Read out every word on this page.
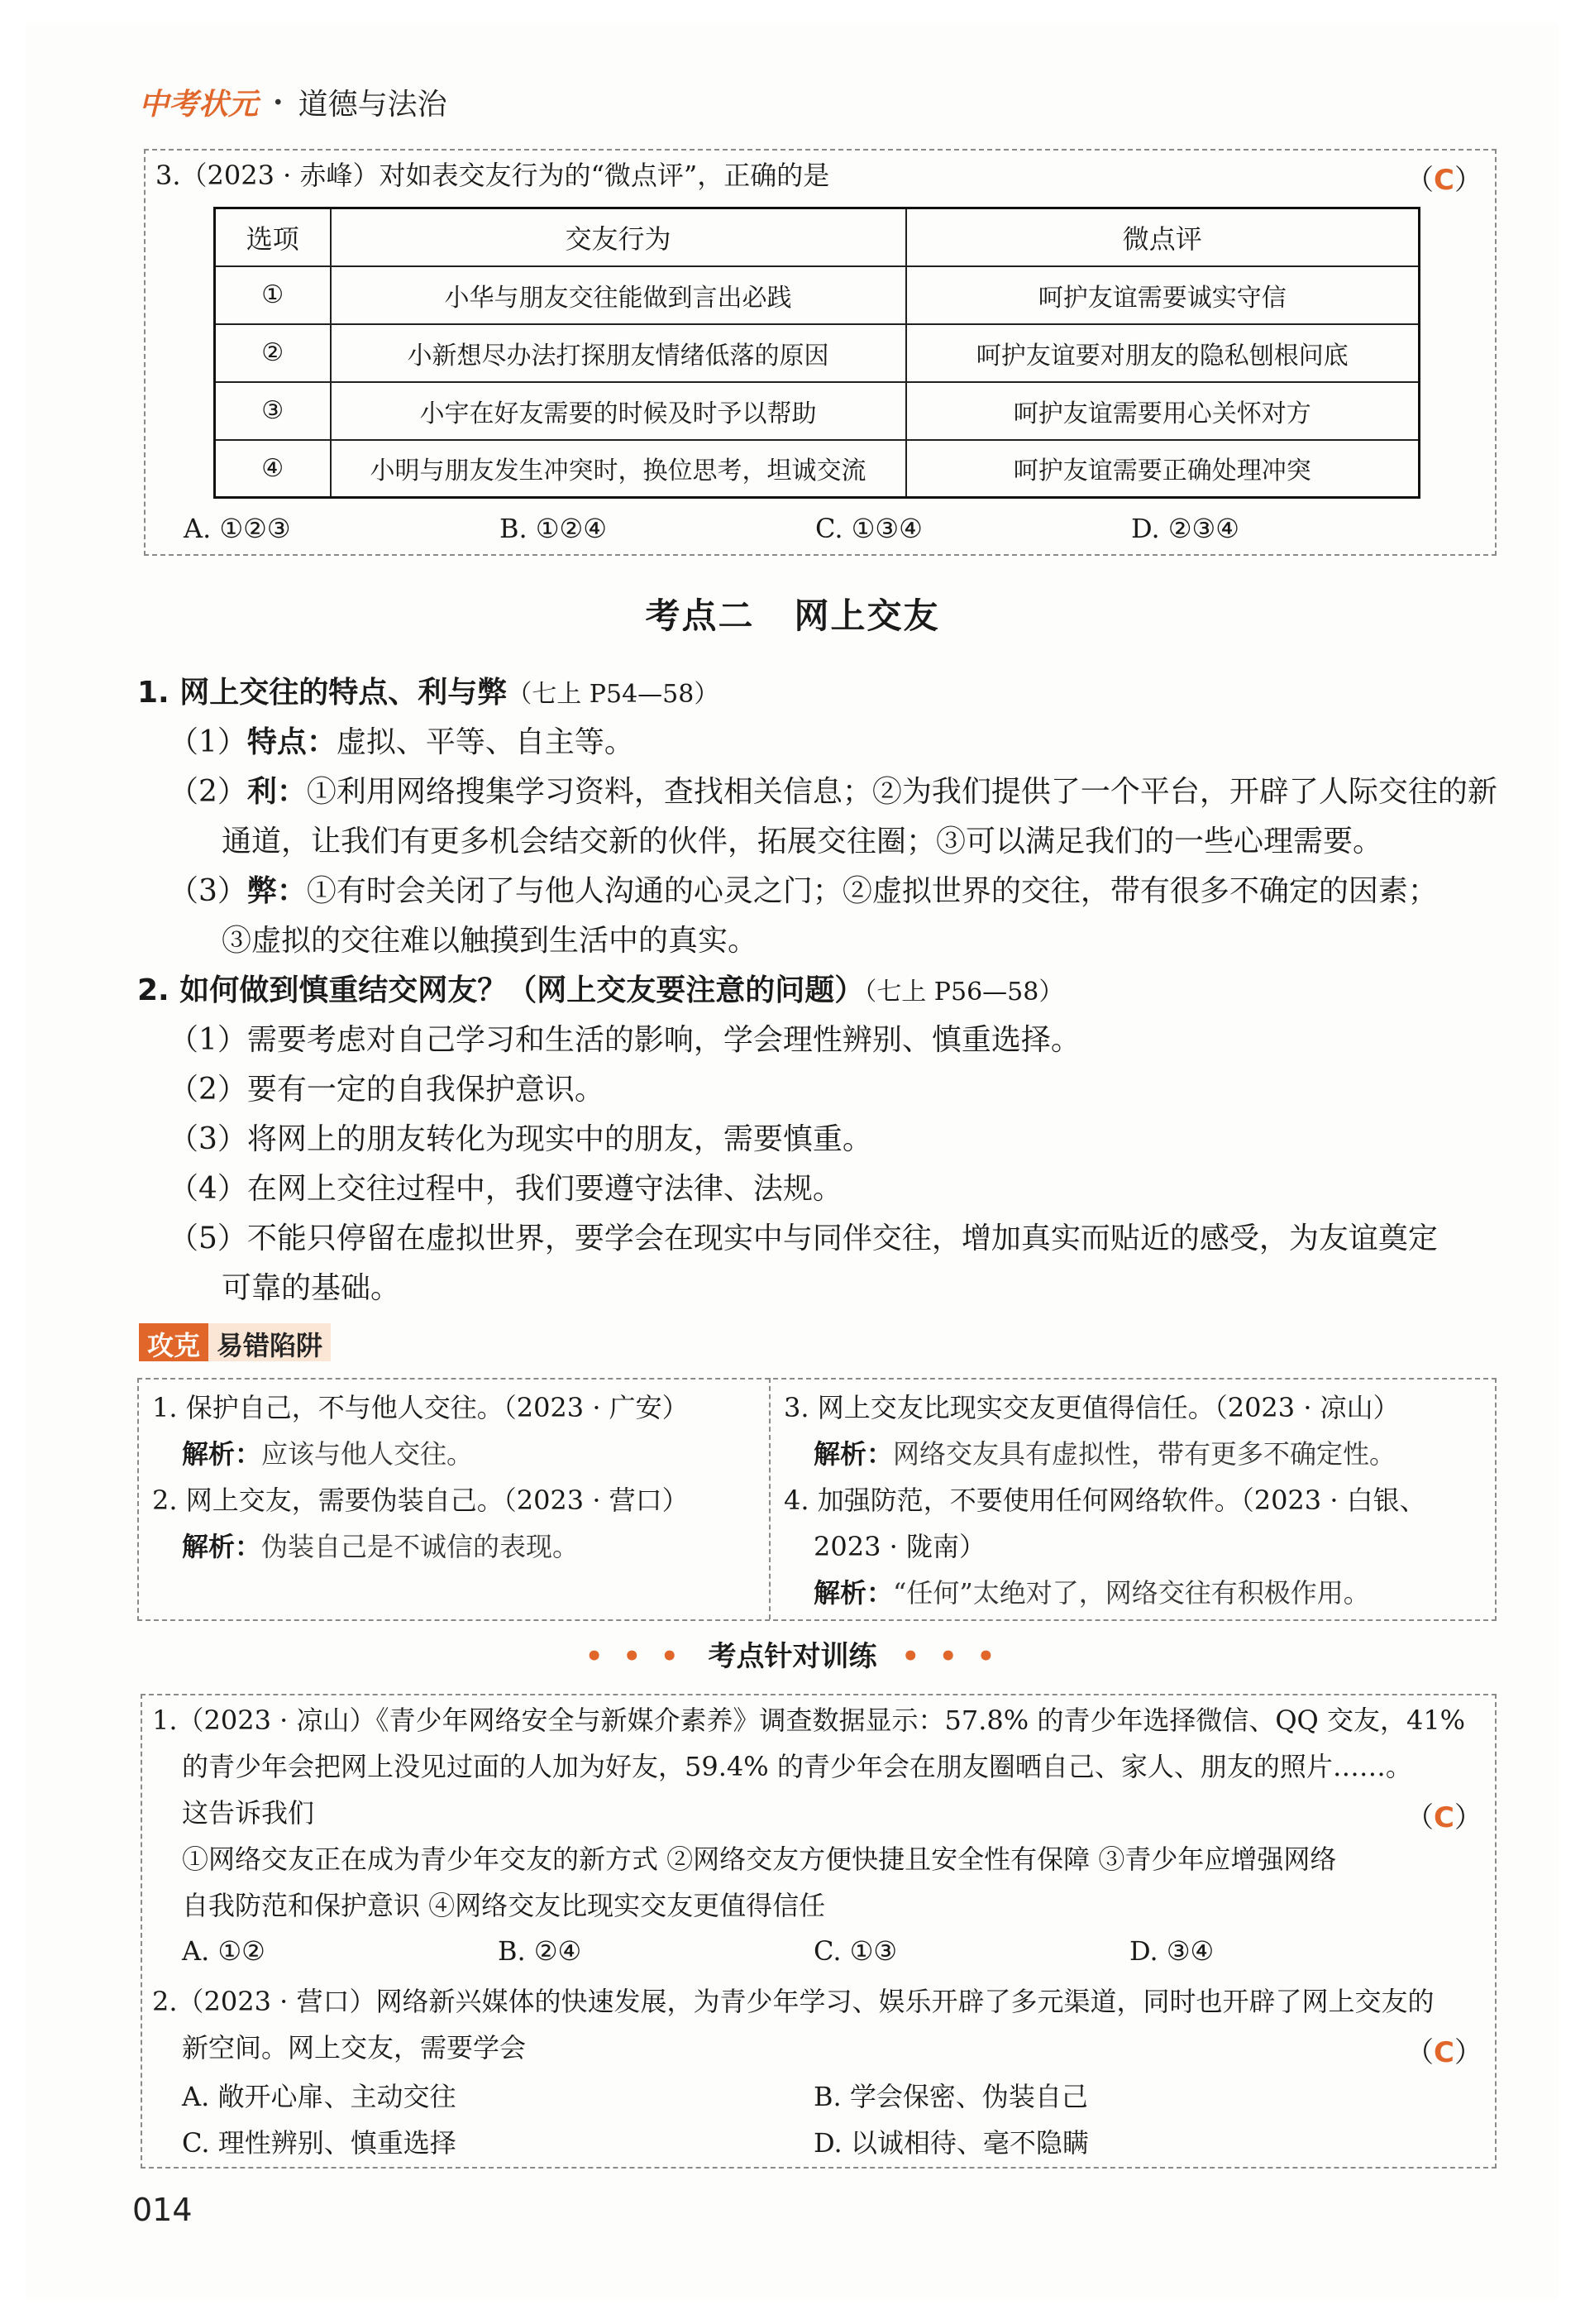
中考状元 · 道德与法治
3.（2023 · 赤峰）对如表交友行为的“微点评”，正确的是	（C）
选项	交友行为	微点评
①	小华与朋友交往能做到言出必践	呵护友谊需要诚实守信
②	小新想尽办法打探朋友情绪低落的原因	呵护友谊要对朋友的隐私刨根问底
③	小宇在好友需要的时候及时予以帮助	呵护友谊需要用心关怀对方
④	小明与朋友发生冲突时，换位思考，坦诚交流	呵护友谊需要正确处理冲突
A. ①②③	B. ①②④	C. ①③④	D. ②③④
考点二 网上交友
1. 网上交往的特点、利与弊（七上 P54—58）
（1）特点：虚拟、平等、自主等。
（2）利：①利用网络搜集学习资料，查找相关信息；②为我们提供了一个平台，开辟了人际交往的新
通道，让我们有更多机会结交新的伙伴，拓展交往圈；③可以满足我们的一些心理需要。
（3）弊：①有时会关闭了与他人沟通的心灵之门；②虚拟世界的交往，带有很多不确定的因素；
③虚拟的交往难以触摸到生活中的真实。
2. 如何做到慎重结交网友？（网上交友要注意的问题）（七上 P56—58）
（1）需要考虑对自己学习和生活的影响，学会理性辨别、慎重选择。
（2）要有一定的自我保护意识。
（3）将网上的朋友转化为现实中的朋友，需要慎重。
（4）在网上交往过程中，我们要遵守法律、法规。
（5）不能只停留在虚拟世界，要学会在现实中与同伴交往，增加真实而贴近的感受，为友谊奠定
可靠的基础。
攻克 易错陷阱
1. 保护自己，不与他人交往。（2023 · 广安）
解析：应该与他人交往。
2. 网上交友，需要伪装自己。（2023 · 营口）
解析：伪装自己是不诚信的表现。
3. 网上交友比现实交友更值得信任。（2023 · 凉山）
解析：网络交友具有虚拟性，带有更多不确定性。
4. 加强防范，不要使用任何网络软件。（2023 · 白银、
2023 · 陇南）
解析：“任何”太绝对了，网络交往有积极作用。
• • • 考点针对训练 • • •
1.（2023 · 凉山）《青少年网络安全与新媒介素养》调查数据显示：57.8% 的青少年选择微信、QQ 交友，41%
的青少年会把网上没见过面的人加为好友，59.4% 的青少年会在朋友圈晒自己、家人、朋友的照片……。
这告诉我们	（C）
①网络交友正在成为青少年交友的新方式 ②网络交友方便快捷且安全性有保障 ③青少年应增强网络
自我防范和保护意识 ④网络交友比现实交友更值得信任
A. ①②	B. ②④	C. ①③	D. ③④
2.（2023 · 营口）网络新兴媒体的快速发展，为青少年学习、娱乐开辟了多元渠道，同时也开辟了网上交友的
新空间。网上交友，需要学会	（C）
A. 敞开心扉、主动交往	B. 学会保密、伪装自己
C. 理性辨别、慎重选择	D. 以诚相待、毫不隐瞒
014
